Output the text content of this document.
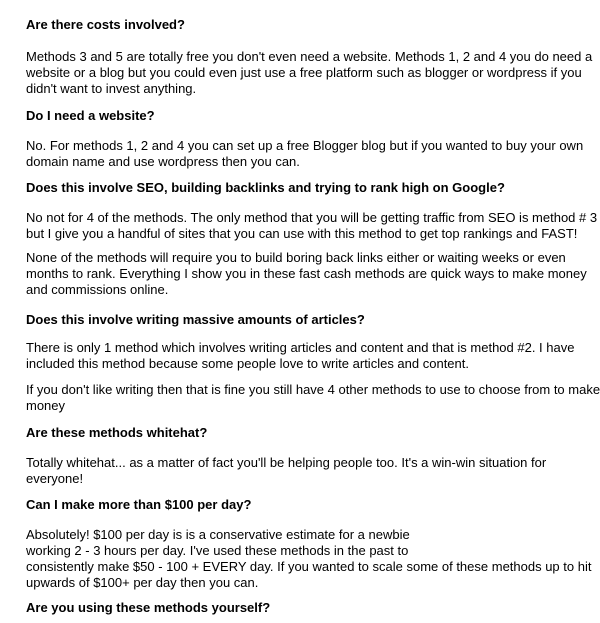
Are there costs involved?

Methods 3 and 5 are totally free you don't even need a website. Methods 1, 2 and 4 you do need a
website or a blog but you could even just use a free platform such as blogger or wordpress if you
didn't want to invest anything.

Do I need a website?

No. For methods 1, 2 and 4 you can set up a free Blogger blog but if you wanted to buy your own
domain name and use wordpress then you can.

Does this involve SEO, building backlinks and trying to rank high on Google?

No not for 4 of the methods. The only method that you will be getting traffic from SEO is method # 3
but I give you a handful of sites that you can use with this method to get top rankings and FAST!

None of the methods will require you to build boring back links either or waiting weeks or even
months to rank. Everything I show you in these fast cash methods are quick ways to make money
and commissions online.

Does this involve writing massive amounts of articles?

There is only 1 method which involves writing articles and content and that is method #2. I have
included this method because some people love to write articles and content.

If you don't like writing then that is fine you still have 4 other methods to use to choose from to make
money

Are these methods whitehat?

Totally whitehat... as a matter of fact you'll be helping people too. It's a win-win situation for
everyone!

Can I make more than $100 per day?

Absolutely! $100 per day is is a conservative estimate for a newbie
working 2 - 3 hours per day. I've used these methods in the past to
consistently make $50 - 100 + EVERY day. If you wanted to scale some of these methods up to hit
upwards of $100+ per day then you can.

Are you using these methods yourself?
